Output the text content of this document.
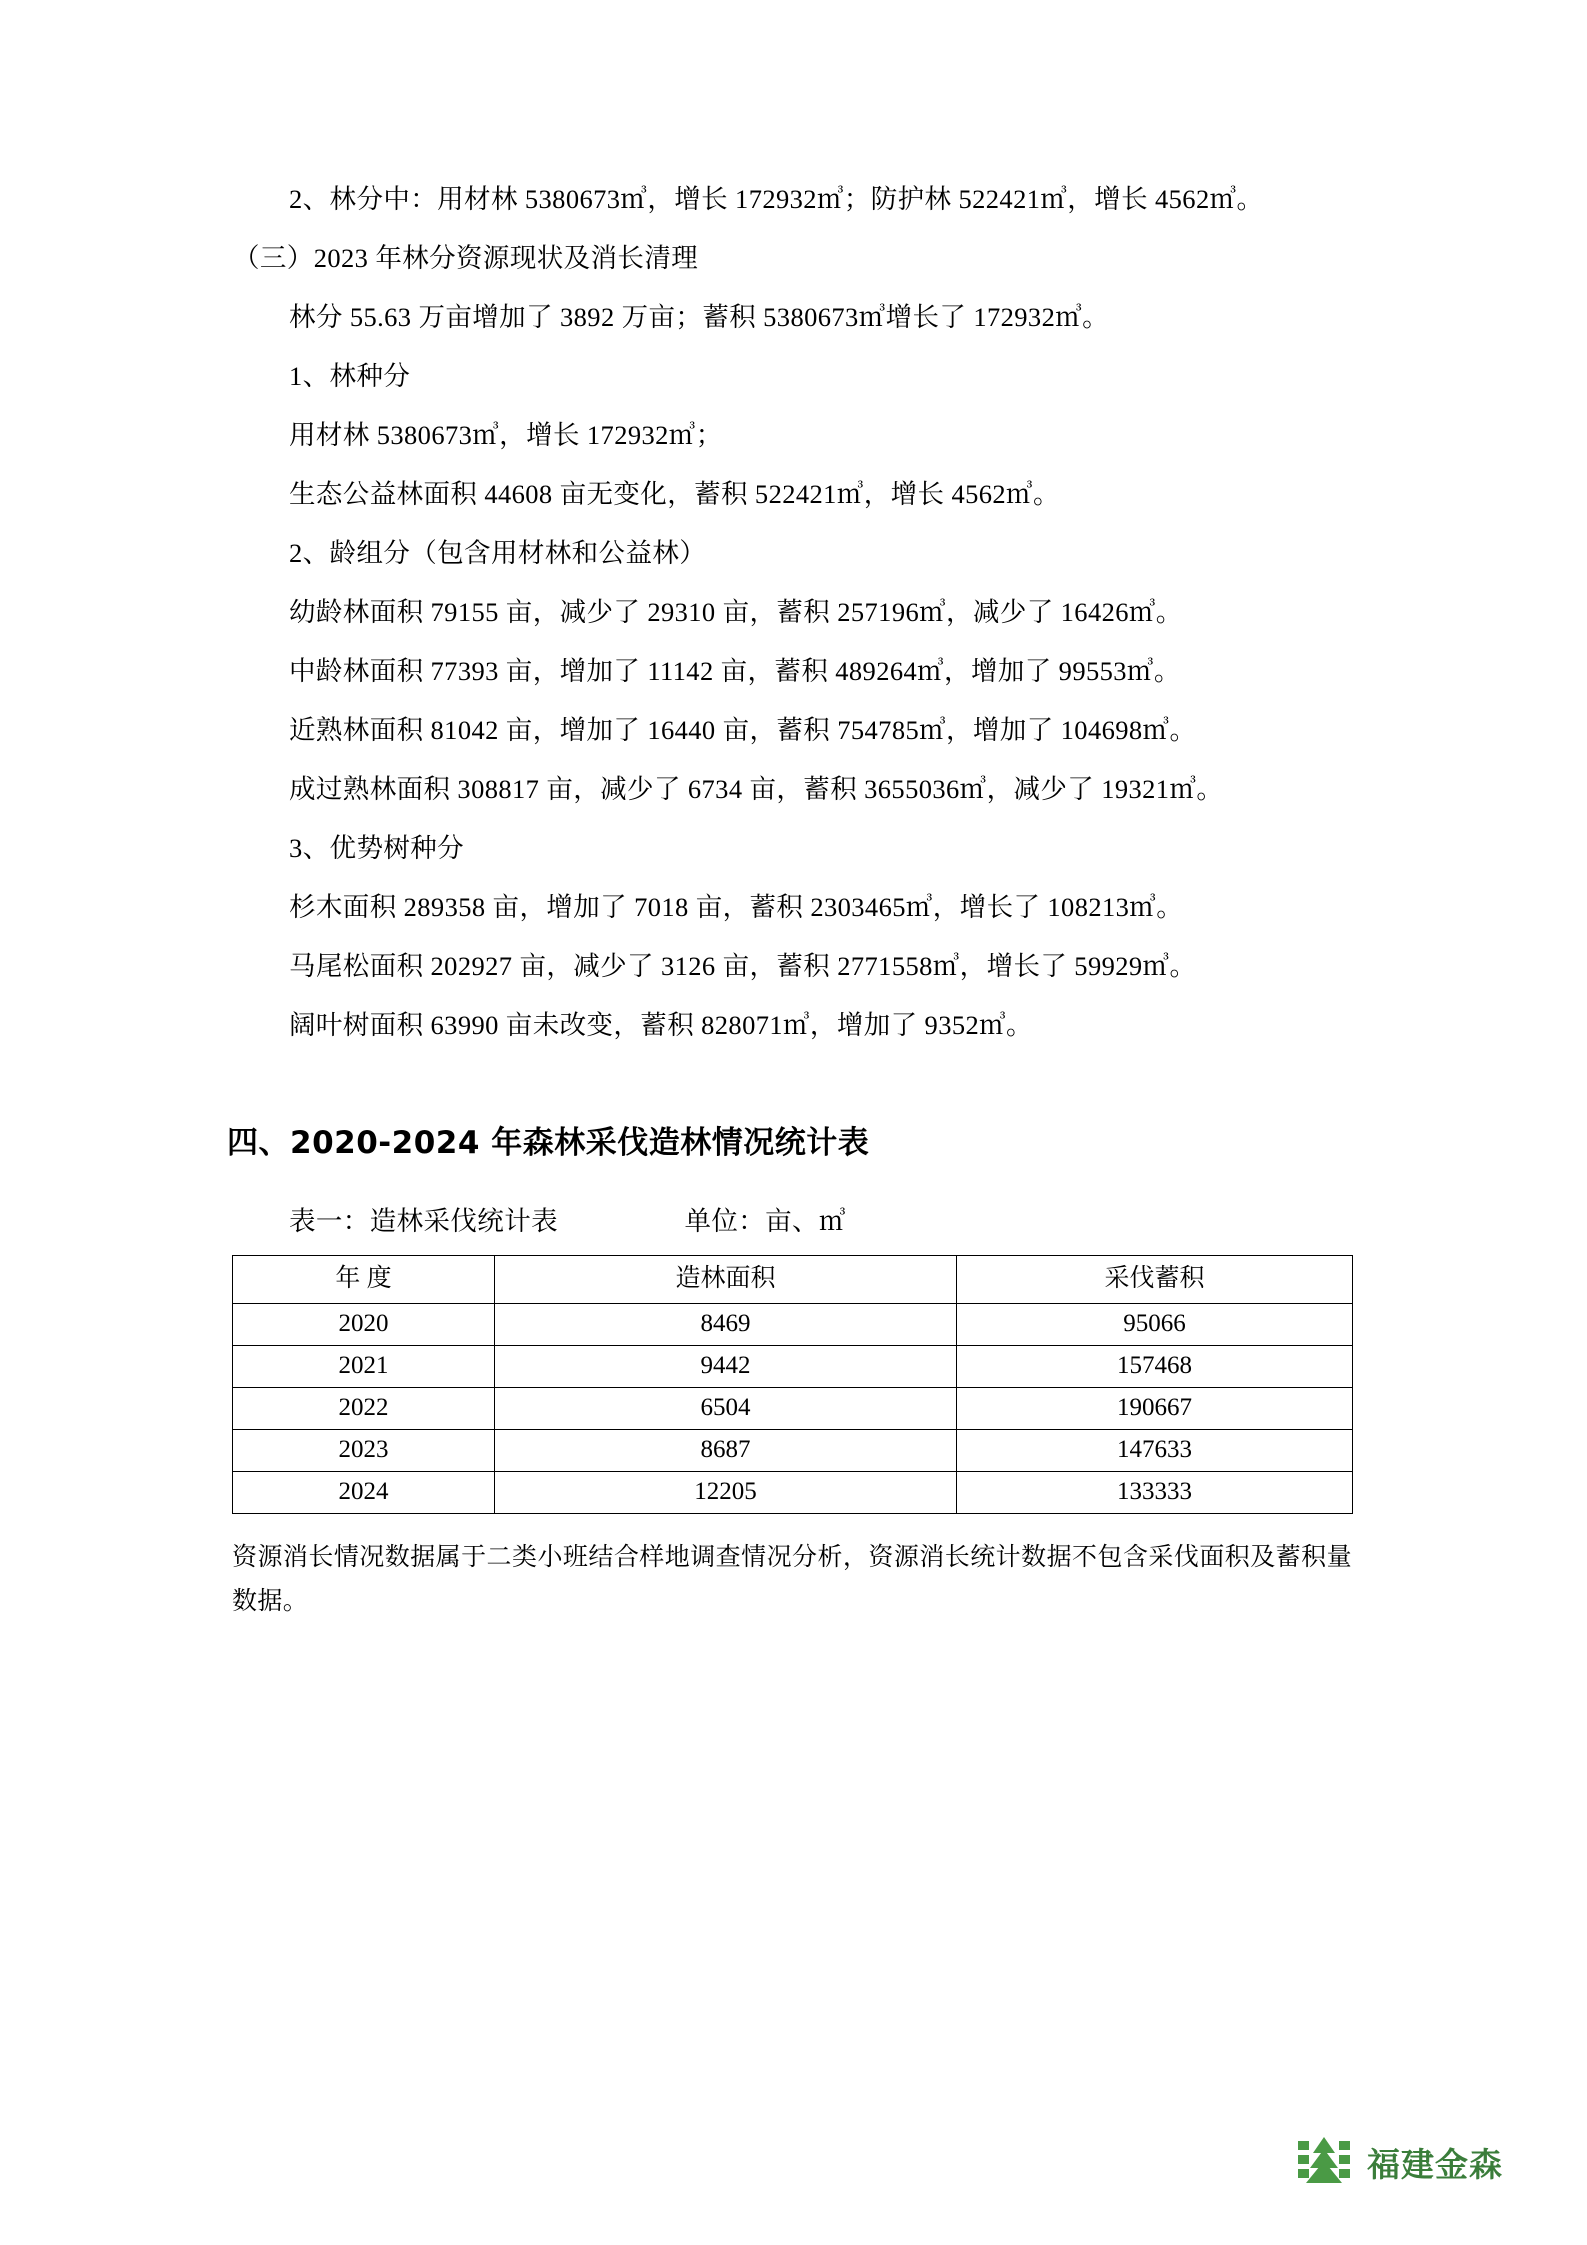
2、林分中：用材林 5380673㎥，增长 172932㎥；防护林 522421㎥，增长 4562㎥。

（三）2023 年林分资源现状及消长清理

林分 55.63 万亩增加了 3892 万亩；蓄积 5380673㎥增长了 172932㎥。

1、林种分

用材林 5380673㎥，增长 172932㎥；

生态公益林面积 44608 亩无变化，蓄积 522421㎥，增长 4562㎥。

2、龄组分（包含用材林和公益林）

幼龄林面积 79155 亩，减少了 29310 亩，蓄积 257196㎥，减少了 16426㎥。

中龄林面积 77393 亩，增加了 11142 亩，蓄积 489264㎥，增加了 99553㎥。

近熟林面积 81042 亩，增加了 16440 亩，蓄积 754785㎥，增加了 104698㎥。

成过熟林面积 308817 亩，减少了 6734 亩，蓄积 3655036㎥，减少了 19321㎥。

3、优势树种分

杉木面积 289358 亩，增加了 7018 亩，蓄积 2303465㎥，增长了 108213㎥。

马尾松面积 202927 亩，减少了 3126 亩，蓄积 2771558㎥，增长了 59929㎥。

阔叶树面积 63990 亩未改变，蓄积 828071㎥，增加了 9352㎥。

四、2020-2024 年森林采伐造林情况统计表

表一：造林采伐统计表                  单位：亩、㎥

年 度	造林面积	采伐蓄积
2020	8469	95066
2021	9442	157468
2022	6504	190667
2023	8687	147633
2024	12205	133333

资源消长情况数据属于二类小班结合样地调查情况分析，资源消长统计数据不包含采伐面积及蓄积量数据。

福建金森
